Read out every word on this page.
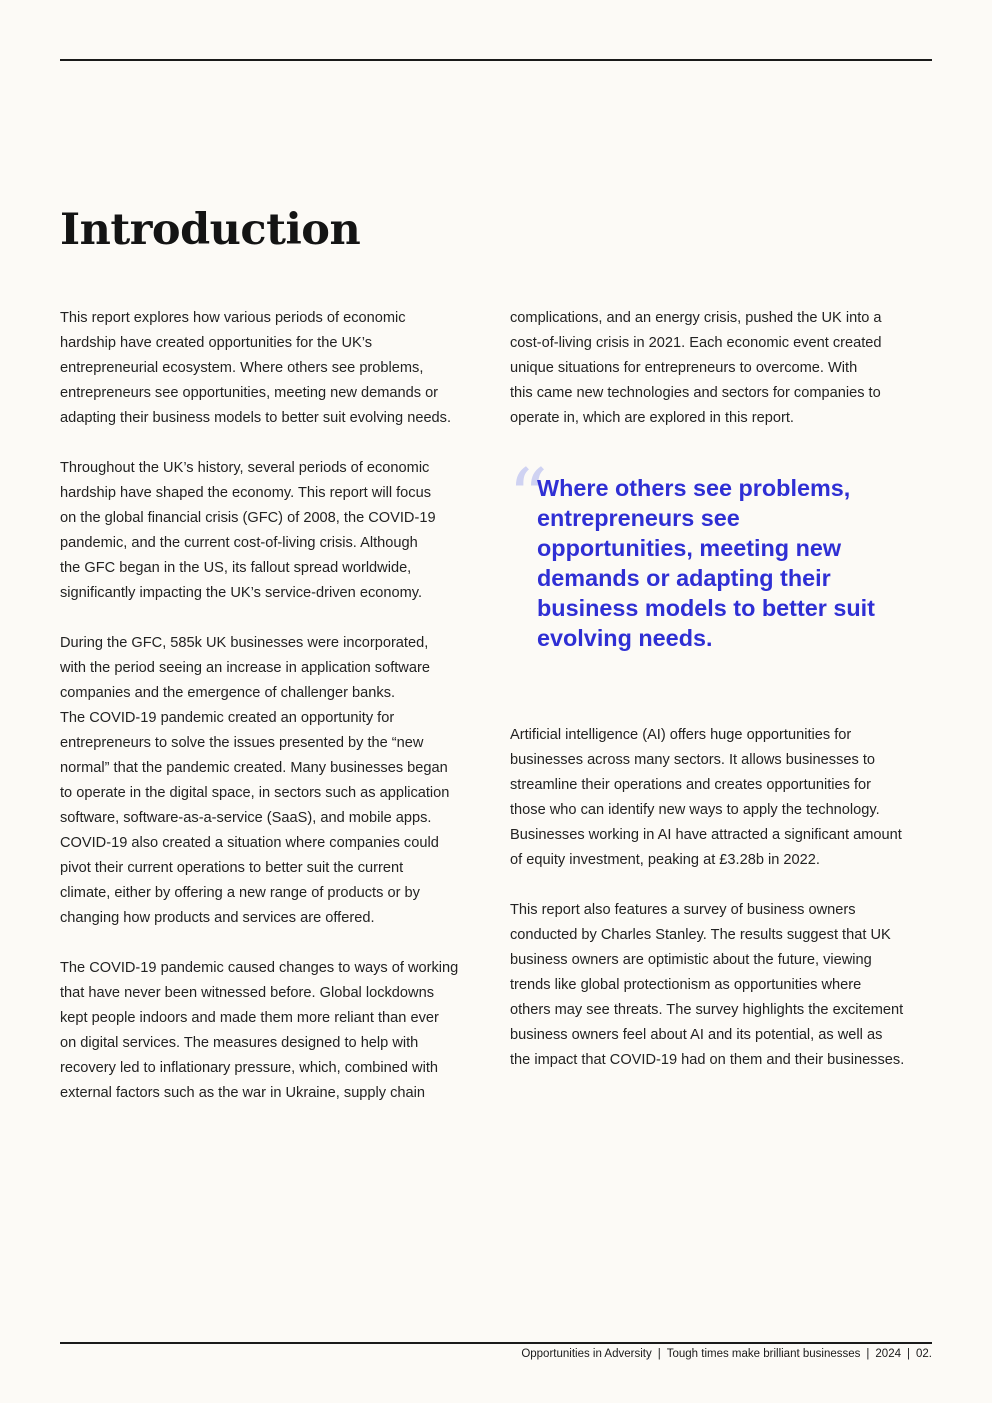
Introduction

This report explores how various periods of economic
hardship have created opportunities for the UK’s
entrepreneurial ecosystem. Where others see problems,
entrepreneurs see opportunities, meeting new demands or
adapting their business models to better suit evolving needs.

Throughout the UK’s history, several periods of economic
hardship have shaped the economy. This report will focus
on the global financial crisis (GFC) of 2008, the COVID-19
pandemic, and the current cost-of-living crisis. Although
the GFC began in the US, its fallout spread worldwide,
significantly impacting the UK’s service-driven economy.

During the GFC, 585k UK businesses were incorporated,
with the period seeing an increase in application software
companies and the emergence of challenger banks.
The COVID-19 pandemic created an opportunity for
entrepreneurs to solve the issues presented by the “new
normal” that the pandemic created. Many businesses began
to operate in the digital space, in sectors such as application
software, software-as-a-service (SaaS), and mobile apps.
COVID-19 also created a situation where companies could
pivot their current operations to better suit the current
climate, either by offering a new range of products or by
changing how products and services are offered.

The COVID-19 pandemic caused changes to ways of working
that have never been witnessed before. Global lockdowns
kept people indoors and made them more reliant than ever
on digital services. The measures designed to help with
recovery led to inflationary pressure, which, combined with
external factors such as the war in Ukraine, supply chain

complications, and an energy crisis, pushed the UK into a
cost-of-living crisis in 2021. Each economic event created
unique situations for entrepreneurs to overcome. With
this came new technologies and sectors for companies to
operate in, which are explored in this report.

“

Where others see problems,
entrepreneurs see
opportunities, meeting new
demands or adapting their
business models to better suit
evolving needs.

Artificial intelligence (AI) offers huge opportunities for
businesses across many sectors. It allows businesses to
streamline their operations and creates opportunities for
those who can identify new ways to apply the technology.
Businesses working in AI have attracted a significant amount
of equity investment, peaking at £3.28b in 2022.

This report also features a survey of business owners
conducted by Charles Stanley. The results suggest that UK
business owners are optimistic about the future, viewing
trends like global protectionism as opportunities where
others may see threats. The survey highlights the excitement
business owners feel about AI and its potential, as well as
the impact that COVID-19 had on them and their businesses.

Opportunities in Adversity | Tough times make brilliant businesses | 2024 | 02.
